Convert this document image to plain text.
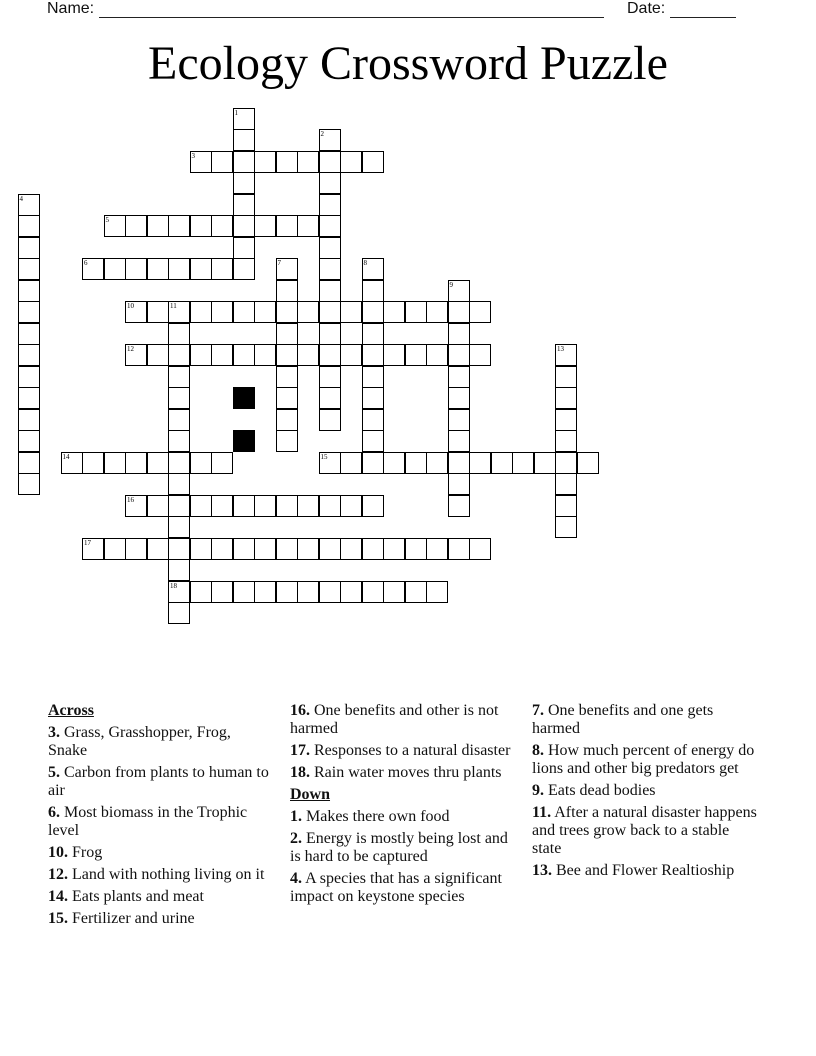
Name:	Date:
Ecology Crossword Puzzle
3
5
6
10
12
14	15
16
17
18
1
2
4
7	8
9
11
13
Across
3. Grass, Grasshopper, Frog, Snake
5. Carbon from plants to human to air
6. Most biomass in the Trophic level
10. Frog
12. Land with nothing living on it
14. Eats plants and meat
15. Fertilizer and urine
16. One benefits and other is not harmed
17. Responses to a natural disaster
18. Rain water moves thru plants
Down
1. Makes there own food
2. Energy is mostly being lost and is hard to be captured
4. A species that has a significant impact on keystone species
7. One benefits and one gets harmed
8. How much percent of energy do lions and other big predators get
9. Eats dead bodies
11. After a natural disaster happens and trees grow back to a stable state
13. Bee and Flower Realtioship
